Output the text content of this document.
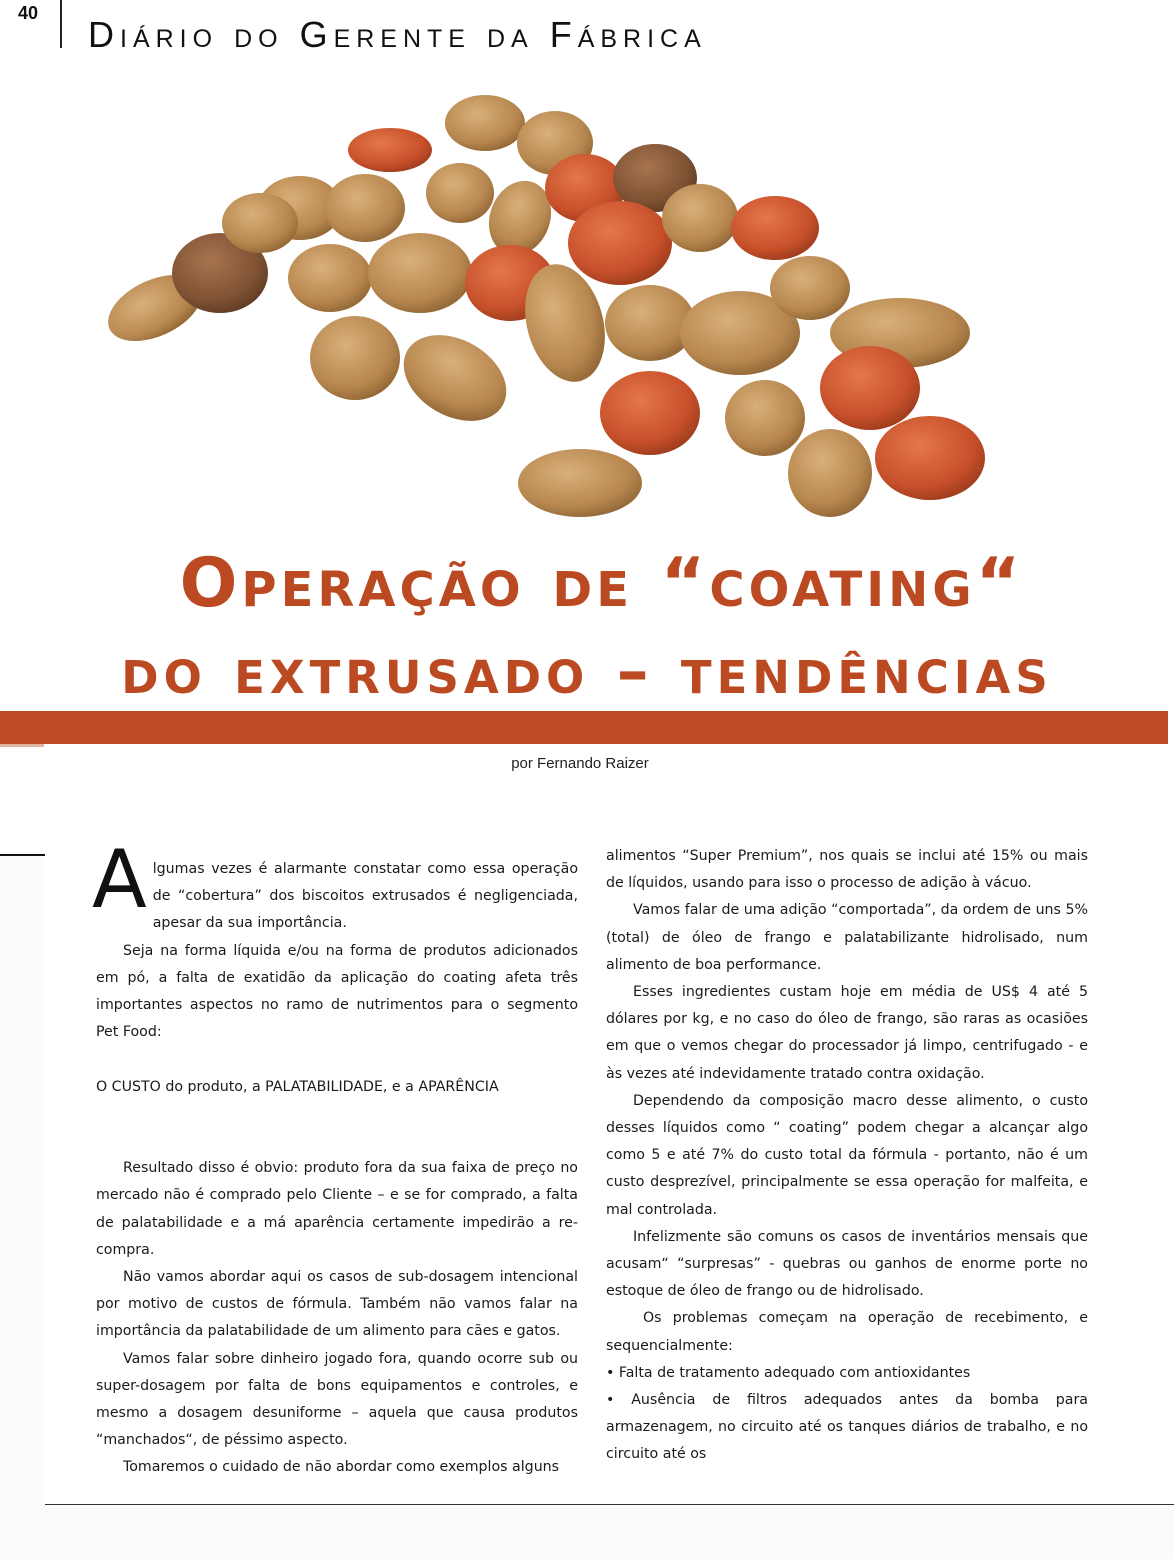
40
Diário do Gerente da Fábrica
Operação de “coating“
do extrusado – tendências
por Fernando Raizer

Algumas vezes é alarmante constatar como essa operação de “cobertura” dos biscoitos extrusados é negligenciada, apesar da sua importância.

Seja na forma líquida e/ou na forma de produtos adicionados em pó, a falta de exatidão da aplicação do coating afeta três importantes aspectos no ramo de nutrimentos para o segmento Pet Food:

O CUSTO do produto, a PALATABILIDADE, e a APARÊNCIA

Resultado disso é obvio: produto fora da sua faixa de preço no mercado não é comprado pelo Cliente – e se for comprado, a falta de palatabilidade e a má aparência certamente impedirão a re-compra.

Não vamos abordar aqui os casos de sub-dosagem intencional por motivo de custos de fórmula. Também não vamos falar na importância da palatabilidade de um alimento para cães e gatos.

Vamos falar sobre dinheiro jogado fora, quando ocorre sub ou super-dosagem por falta de bons equipamentos e controles, e mesmo a dosagem desuniforme – aquela que causa produtos “manchados“, de péssimo aspecto.

Tomaremos o cuidado de não abordar como exemplos alguns

alimentos “Super Premium”, nos quais se inclui até 15% ou mais de líquidos, usando para isso o processo de adição à vácuo.

Vamos falar de uma adição “comportada”, da ordem de uns 5% (total) de óleo de frango e palatabilizante hidrolisado, num alimento de boa performance.

Esses ingredientes custam hoje em média de US$ 4 até 5 dólares por kg, e no caso do óleo de frango, são raras as ocasiões em que o vemos chegar do processador já limpo, centrifugado - e às vezes até indevidamente tratado contra oxidação.

Dependendo da composição macro desse alimento, o custo desses líquidos como “ coating” podem chegar a alcançar algo como 5 e até 7% do custo total da fórmula - portanto, não é um custo desprezível, principalmente se essa operação for malfeita, e mal controlada.

Infelizmente são comuns os casos de inventários mensais que acusam“ “surpresas” - quebras ou ganhos de enorme porte no estoque de óleo de frango ou de hidrolisado.

Os problemas começam na operação de recebimento, e sequencialmente:

• Falta de tratamento adequado com antioxidantes

• Ausência de filtros adequados antes da bomba para armazenagem, no circuito até os tanques diários de trabalho, e no circuito até os
